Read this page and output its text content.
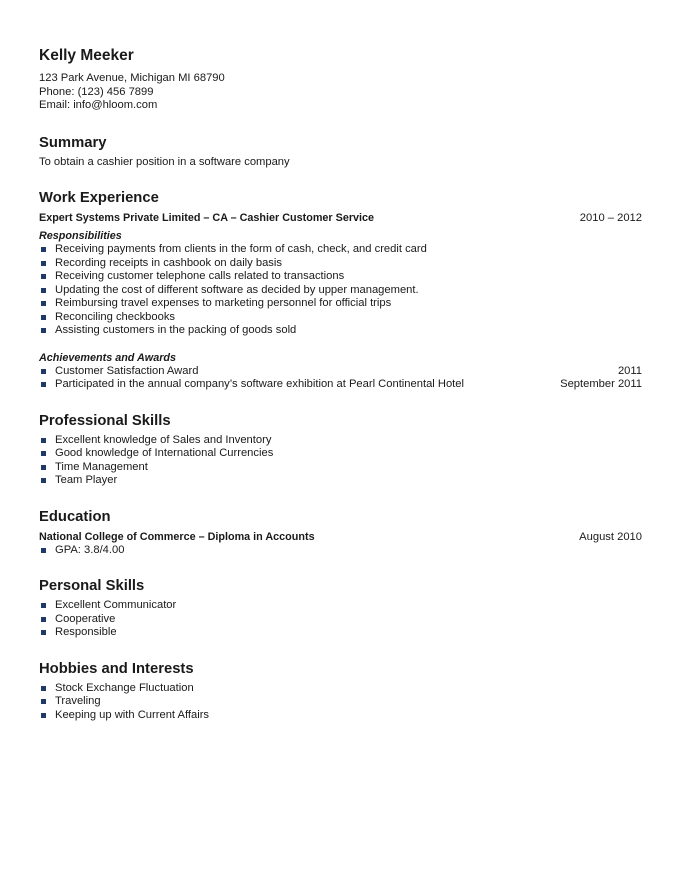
Kelly Meeker
123 Park Avenue, Michigan MI 68790
Phone: (123) 456 7899
Email: info@hloom.com
Summary
To obtain a cashier position in a software company
Work Experience
Expert Systems Private Limited – CA – Cashier Customer Service	2010 – 2012
Responsibilities
Receiving payments from clients in the form of cash, check, and credit card
Recording receipts in cashbook on daily basis
Receiving customer telephone calls related to transactions
Updating the cost of different software as decided by upper management.
Reimbursing travel expenses to marketing personnel for official trips
Reconciling checkbooks
Assisting customers in the packing of goods sold
Achievements and Awards
Customer Satisfaction Award	2011
Participated in the annual company’s software exhibition at Pearl Continental Hotel	September 2011
Professional Skills
Excellent knowledge of Sales and Inventory
Good knowledge of International Currencies
Time Management
Team Player
Education
National College of Commerce – Diploma in Accounts	August 2010
GPA: 3.8/4.00
Personal Skills
Excellent Communicator
Cooperative
Responsible
Hobbies and Interests
Stock Exchange Fluctuation
Traveling
Keeping up with Current Affairs
